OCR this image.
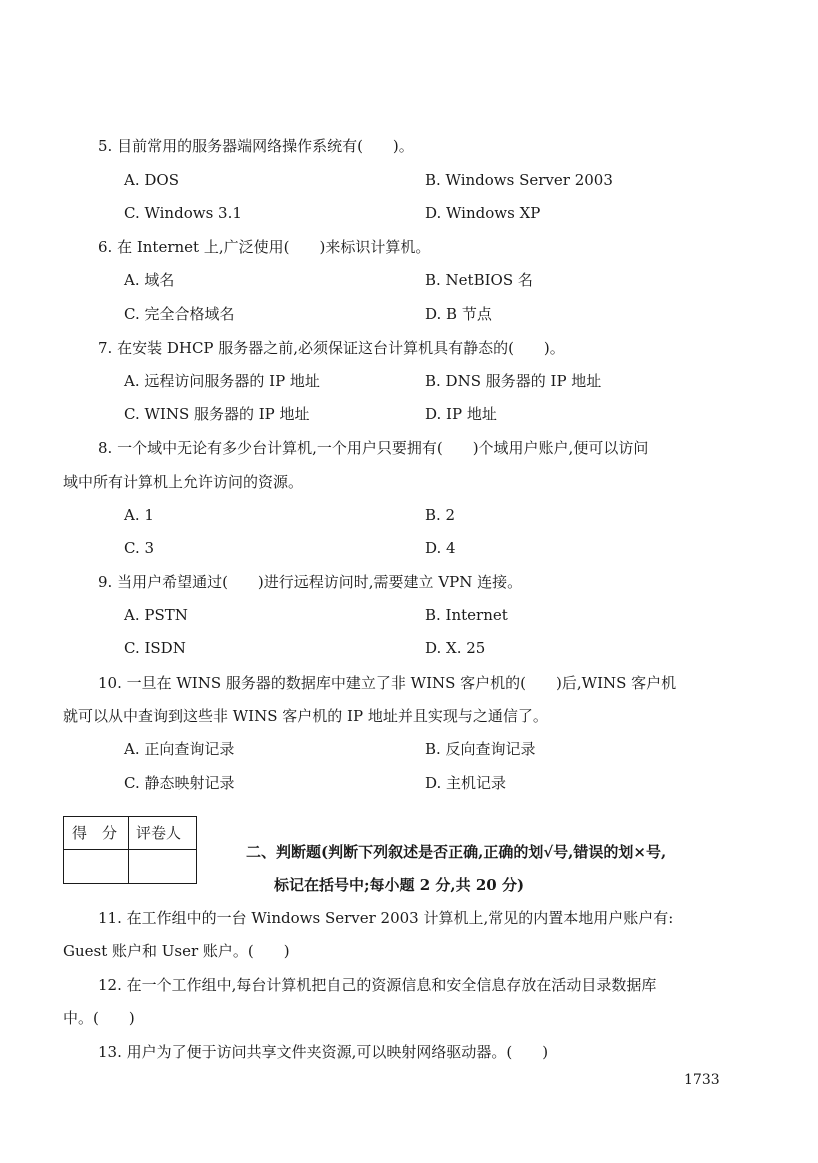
5. 目前常用的服务器端网络操作系统有(　　)。
A. DOS	B. Windows Server 2003
C. Windows 3.1	D. Windows XP
6. 在 Internet 上,广泛使用(　　)来标识计算机。
A. 域名	B. NetBIOS 名
C. 完全合格域名	D. B 节点
7. 在安装 DHCP 服务器之前,必须保证这台计算机具有静态的(　　)。
A. 远程访问服务器的 IP 地址	B. DNS 服务器的 IP 地址
C. WINS 服务器的 IP 地址	D. IP 地址
8. 一个域中无论有多少台计算机,一个用户只要拥有(　　)个域用户账户,便可以访问
域中所有计算机上允许访问的资源。
A. 1	B. 2
C. 3	D. 4
9. 当用户希望通过(　　)进行远程访问时,需要建立 VPN 连接。
A. PSTN	B. Internet
C. ISDN	D. X. 25
10. 一旦在 WINS 服务器的数据库中建立了非 WINS 客户机的(　　)后,WINS 客户机
就可以从中查询到这些非 WINS 客户机的 IP 地址并且实现与之通信了。
A. 正向查询记录	B. 反向查询记录
C. 静态映射记录	D. 主机记录
得　分 评卷人
二、判断题(判断下列叙述是否正确,正确的划√号,错误的划×号,
标记在括号中;每小题 2 分,共 20 分)
11. 在工作组中的一台 Windows Server 2003 计算机上,常见的内置本地用户账户有:
Guest 账户和 User 账户。(　　)
12. 在一个工作组中,每台计算机把自己的资源信息和安全信息存放在活动目录数据库
中。(　　)
13. 用户为了便于访问共享文件夹资源,可以映射网络驱动器。(　　)
1733
